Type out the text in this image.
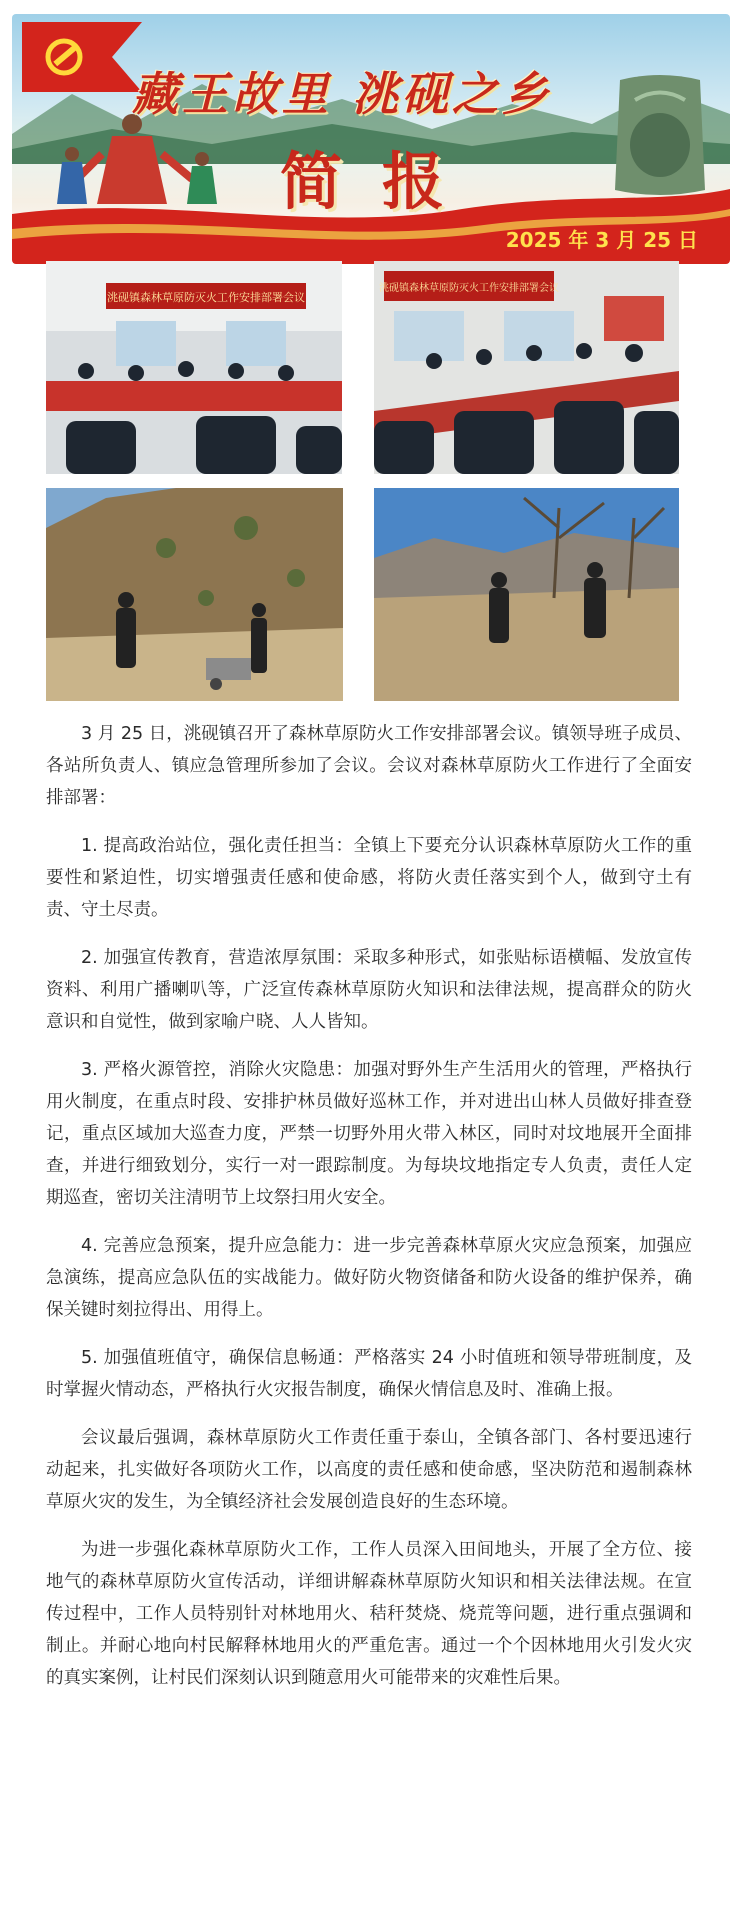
藏王故里 洮砚之乡
简报
2025 年 3 月 25 日
洮砚镇森林草原防灭火工作安排部署会议
洮砚镇森林草原防灭火工作安排部署会议

3 月 25 日，洮砚镇召开了森林草原防火工作安排部署会议。镇领导班子成员、各站所负责人、镇应急管理所参加了会议。会议对森林草原防火工作进行了全面安排部署：

1. 提高政治站位，强化责任担当：全镇上下要充分认识森林草原防火工作的重要性和紧迫性，切实增强责任感和使命感，将防火责任落实到个人，做到守土有责、守土尽责。

2. 加强宣传教育，营造浓厚氛围：采取多种形式，如张贴标语横幅、发放宣传资料、利用广播喇叭等，广泛宣传森林草原防火知识和法律法规，提高群众的防火意识和自觉性，做到家喻户晓、人人皆知。

3. 严格火源管控，消除火灾隐患：加强对野外生产生活用火的管理，严格执行用火制度，在重点时段、安排护林员做好巡林工作，并对进出山林人员做好排查登记，重点区域加大巡查力度，严禁一切野外用火带入林区，同时对坟地展开全面排查，并进行细致划分，实行一对一跟踪制度。为每块坟地指定专人负责，责任人定期巡查，密切关注清明节上坟祭扫用火安全。

4. 完善应急预案，提升应急能力：进一步完善森林草原火灾应急预案，加强应急演练，提高应急队伍的实战能力。做好防火物资储备和防火设备的维护保养，确保关键时刻拉得出、用得上。

5. 加强值班值守，确保信息畅通：严格落实 24 小时值班和领导带班制度，及时掌握火情动态，严格执行火灾报告制度，确保火情信息及时、准确上报。

会议最后强调，森林草原防火工作责任重于泰山，全镇各部门、各村要迅速行动起来，扎实做好各项防火工作，以高度的责任感和使命感，坚决防范和遏制森林草原火灾的发生，为全镇经济社会发展创造良好的生态环境。

为进一步强化森林草原防火工作，工作人员深入田间地头，开展了全方位、接地气的森林草原防火宣传活动，详细讲解森林草原防火知识和相关法律法规。在宣传过程中，工作人员特别针对林地用火、秸秆焚烧、烧荒等问题，进行重点强调和制止。并耐心地向村民解释林地用火的严重危害。通过一个个因林地用火引发火灾的真实案例，让村民们深刻认识到随意用火可能带来的灾难性后果。
